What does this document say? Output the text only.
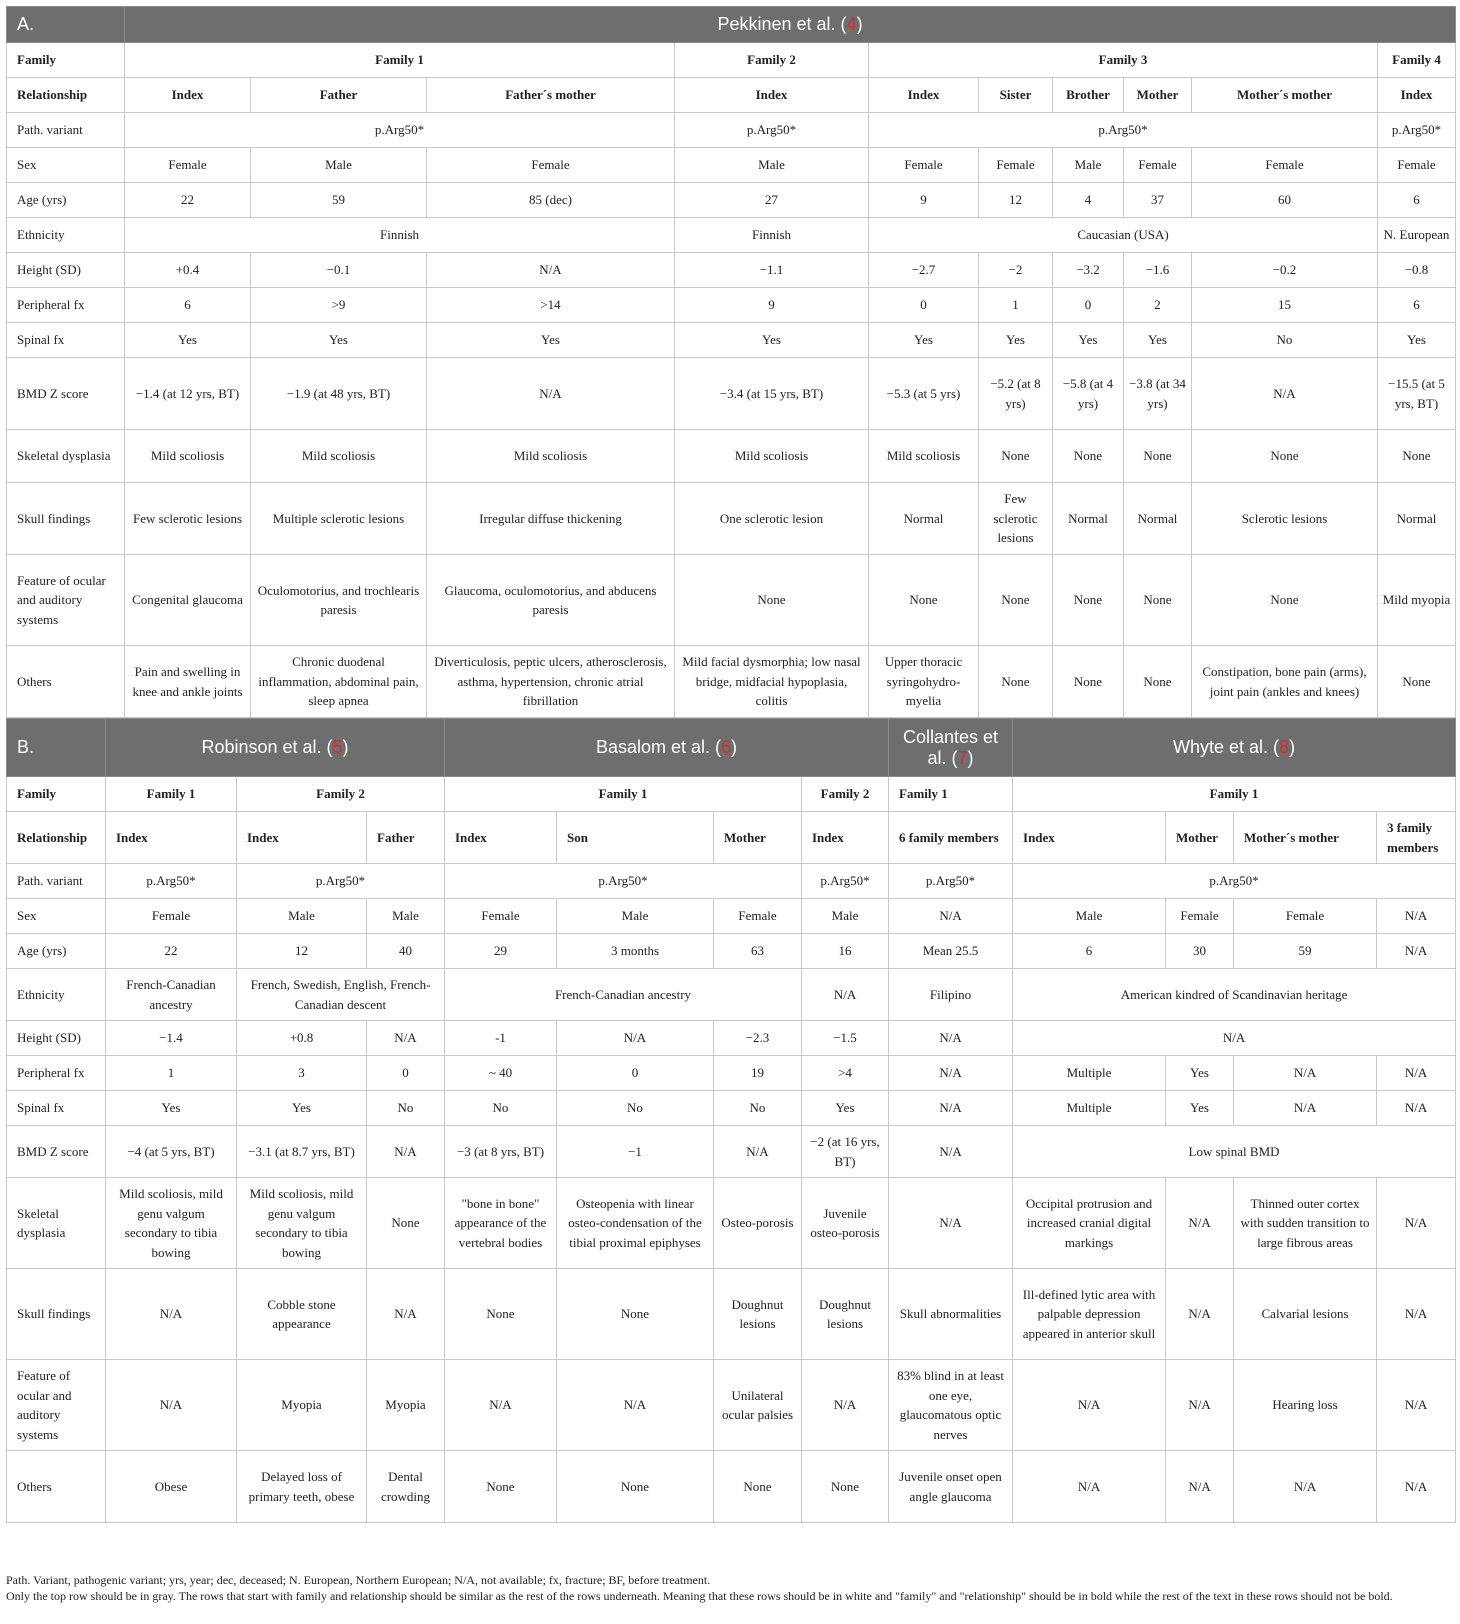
A.	Pekkinen et al. (4)									
Family	Family 1			Family 2	Family 3					Family 4
Relationship	Index	Father	Father´s mother	Index	Index	Sister	Brother	Mother	Mother´s mother	Index
Path. variant	p.Arg50*			p.Arg50*	p.Arg50*					p.Arg50*
Sex	Female	Male	Female	Male	Female	Female	Male	Female	Female	Female
Age (yrs)	22	59	85 (dec)	27	9	12	4	37	60	6
Ethnicity	Finnish			Finnish	Caucasian (USA)					N. European
Height (SD)	+0.4	−0.1	N/A	−1.1	−2.7	−2	−3.2	−1.6	−0.2	−0.8
Peripheral fx	6	>9	>14	9	0	1	0	2	15	6
Spinal fx	Yes	Yes	Yes	Yes	Yes	Yes	Yes	Yes	No	Yes
BMD Z score	−1.4 (at 12 yrs, BT)	−1.9 (at 48 yrs, BT)	N/A	−3.4 (at 15 yrs, BT)	−5.3 (at 5 yrs)	−5.2 (at 8 yrs)	−5.8 (at 4 yrs)	−3.8 (at 34 yrs)	N/A	−15.5 (at 5 yrs, BT)
Skeletal dysplasia	Mild scoliosis	Mild scoliosis	Mild scoliosis	Mild scoliosis	Mild scoliosis	None	None	None	None	None
Skull findings	Few sclerotic lesions	Multiple sclerotic lesions	Irregular diffuse thickening	One sclerotic lesion	Normal	Few sclerotic lesions	Normal	Normal	Sclerotic lesions	Normal
Feature of ocular and auditory systems	Congenital glaucoma	Oculomotorius, and trochlearis paresis	Glaucoma, oculomotorius, and abducens paresis	None	None	None	None	None	None	Mild myopia
Others	Pain and swelling in knee and ankle joints	Chronic duodenal inflammation, abdominal pain, sleep apnea	Diverticulosis, peptic ulcers, atherosclerosis, asthma, hypertension, chronic atrial fibrillation	Mild facial dysmorphia; low nasal bridge, midfacial hypoplasia, colitis	Upper thoracic syringohydro-myelia	None	None	None	Constipation, bone pain (arms), joint pain (ankles and knees)	None
B.	Robinson et al. (5)			Basalom et al. (6)				Collantes et al. (7)	Whyte et al. (8)			
Family	Family 1	Family 2		Family 1			Family 2	Family 1	Family 1			
Relationship	Index	Index	Father	Index	Son	Mother	Index	6 family members	Index	Mother	Mother´s mother	3 family members
Path. variant	p.Arg50*	p.Arg50*		p.Arg50*			p.Arg50*	p.Arg50*	p.Arg50*			
Sex	Female	Male	Male	Female	Male	Female	Male	N/A	Male	Female	Female	N/A
Age (yrs)	22	12	40	29	3 months	63	16	Mean 25.5	6	30	59	N/A
Ethnicity	French-Canadian ancestry	French, Swedish, English, French-Canadian descent		French-Canadian ancestry			N/A	Filipino	American kindred of Scandinavian heritage			
Height (SD)	−1.4	+0.8	N/A	-1	N/A	−2.3	−1.5	N/A	N/A			
Peripheral fx	1	3	0	~ 40	0	19	>4	N/A	Multiple	Yes	N/A	N/A
Spinal fx	Yes	Yes	No	No	No	No	Yes	N/A	Multiple	Yes	N/A	N/A
BMD Z score	−4 (at 5 yrs, BT)	−3.1 (at 8.7 yrs, BT)	N/A	−3 (at 8 yrs, BT)	−1	N/A	−2 (at 16 yrs, BT)	N/A	Low spinal BMD			
Skeletal dysplasia	Mild scoliosis, mild genu valgum secondary to tibia bowing	Mild scoliosis, mild genu valgum secondary to tibia bowing	None	"bone in bone" appearance of the vertebral bodies	Osteopenia with linear osteo-condensation of the tibial proximal epiphyses	Osteo-porosis	Juvenile osteo-porosis	N/A	Occipital protrusion and increased cranial digital markings	N/A	Thinned outer cortex with sudden transition to large fibrous areas	N/A
Skull findings	N/A	Cobble stone appearance	N/A	None	None	Doughnut lesions	Doughnut lesions	Skull abnormalities	Ill-defined lytic area with palpable depression appeared in anterior skull	N/A	Calvarial lesions	N/A
Feature of ocular and auditory systems	N/A	Myopia	Myopia	N/A	N/A	Unilateral ocular palsies	N/A	83% blind in at least one eye, glaucomatous optic nerves	N/A	N/A	Hearing loss	N/A
Others	Obese	Delayed loss of primary teeth, obese	Dental crowding	None	None	None	None	Juvenile onset open angle glaucoma	N/A	N/A	N/A	N/A

Path. Variant, pathogenic variant; yrs, year; dec, deceased; N. European, Northern European; N/A, not available; fx, fracture; BF, before treatment.

Only the top row should be in gray. The rows that start with family and relationship should be similar as the rest of the rows underneath. Meaning that these rows should be in white and "family" and "relationship" should be in bold while the rest of the text in these rows should not be bold.
